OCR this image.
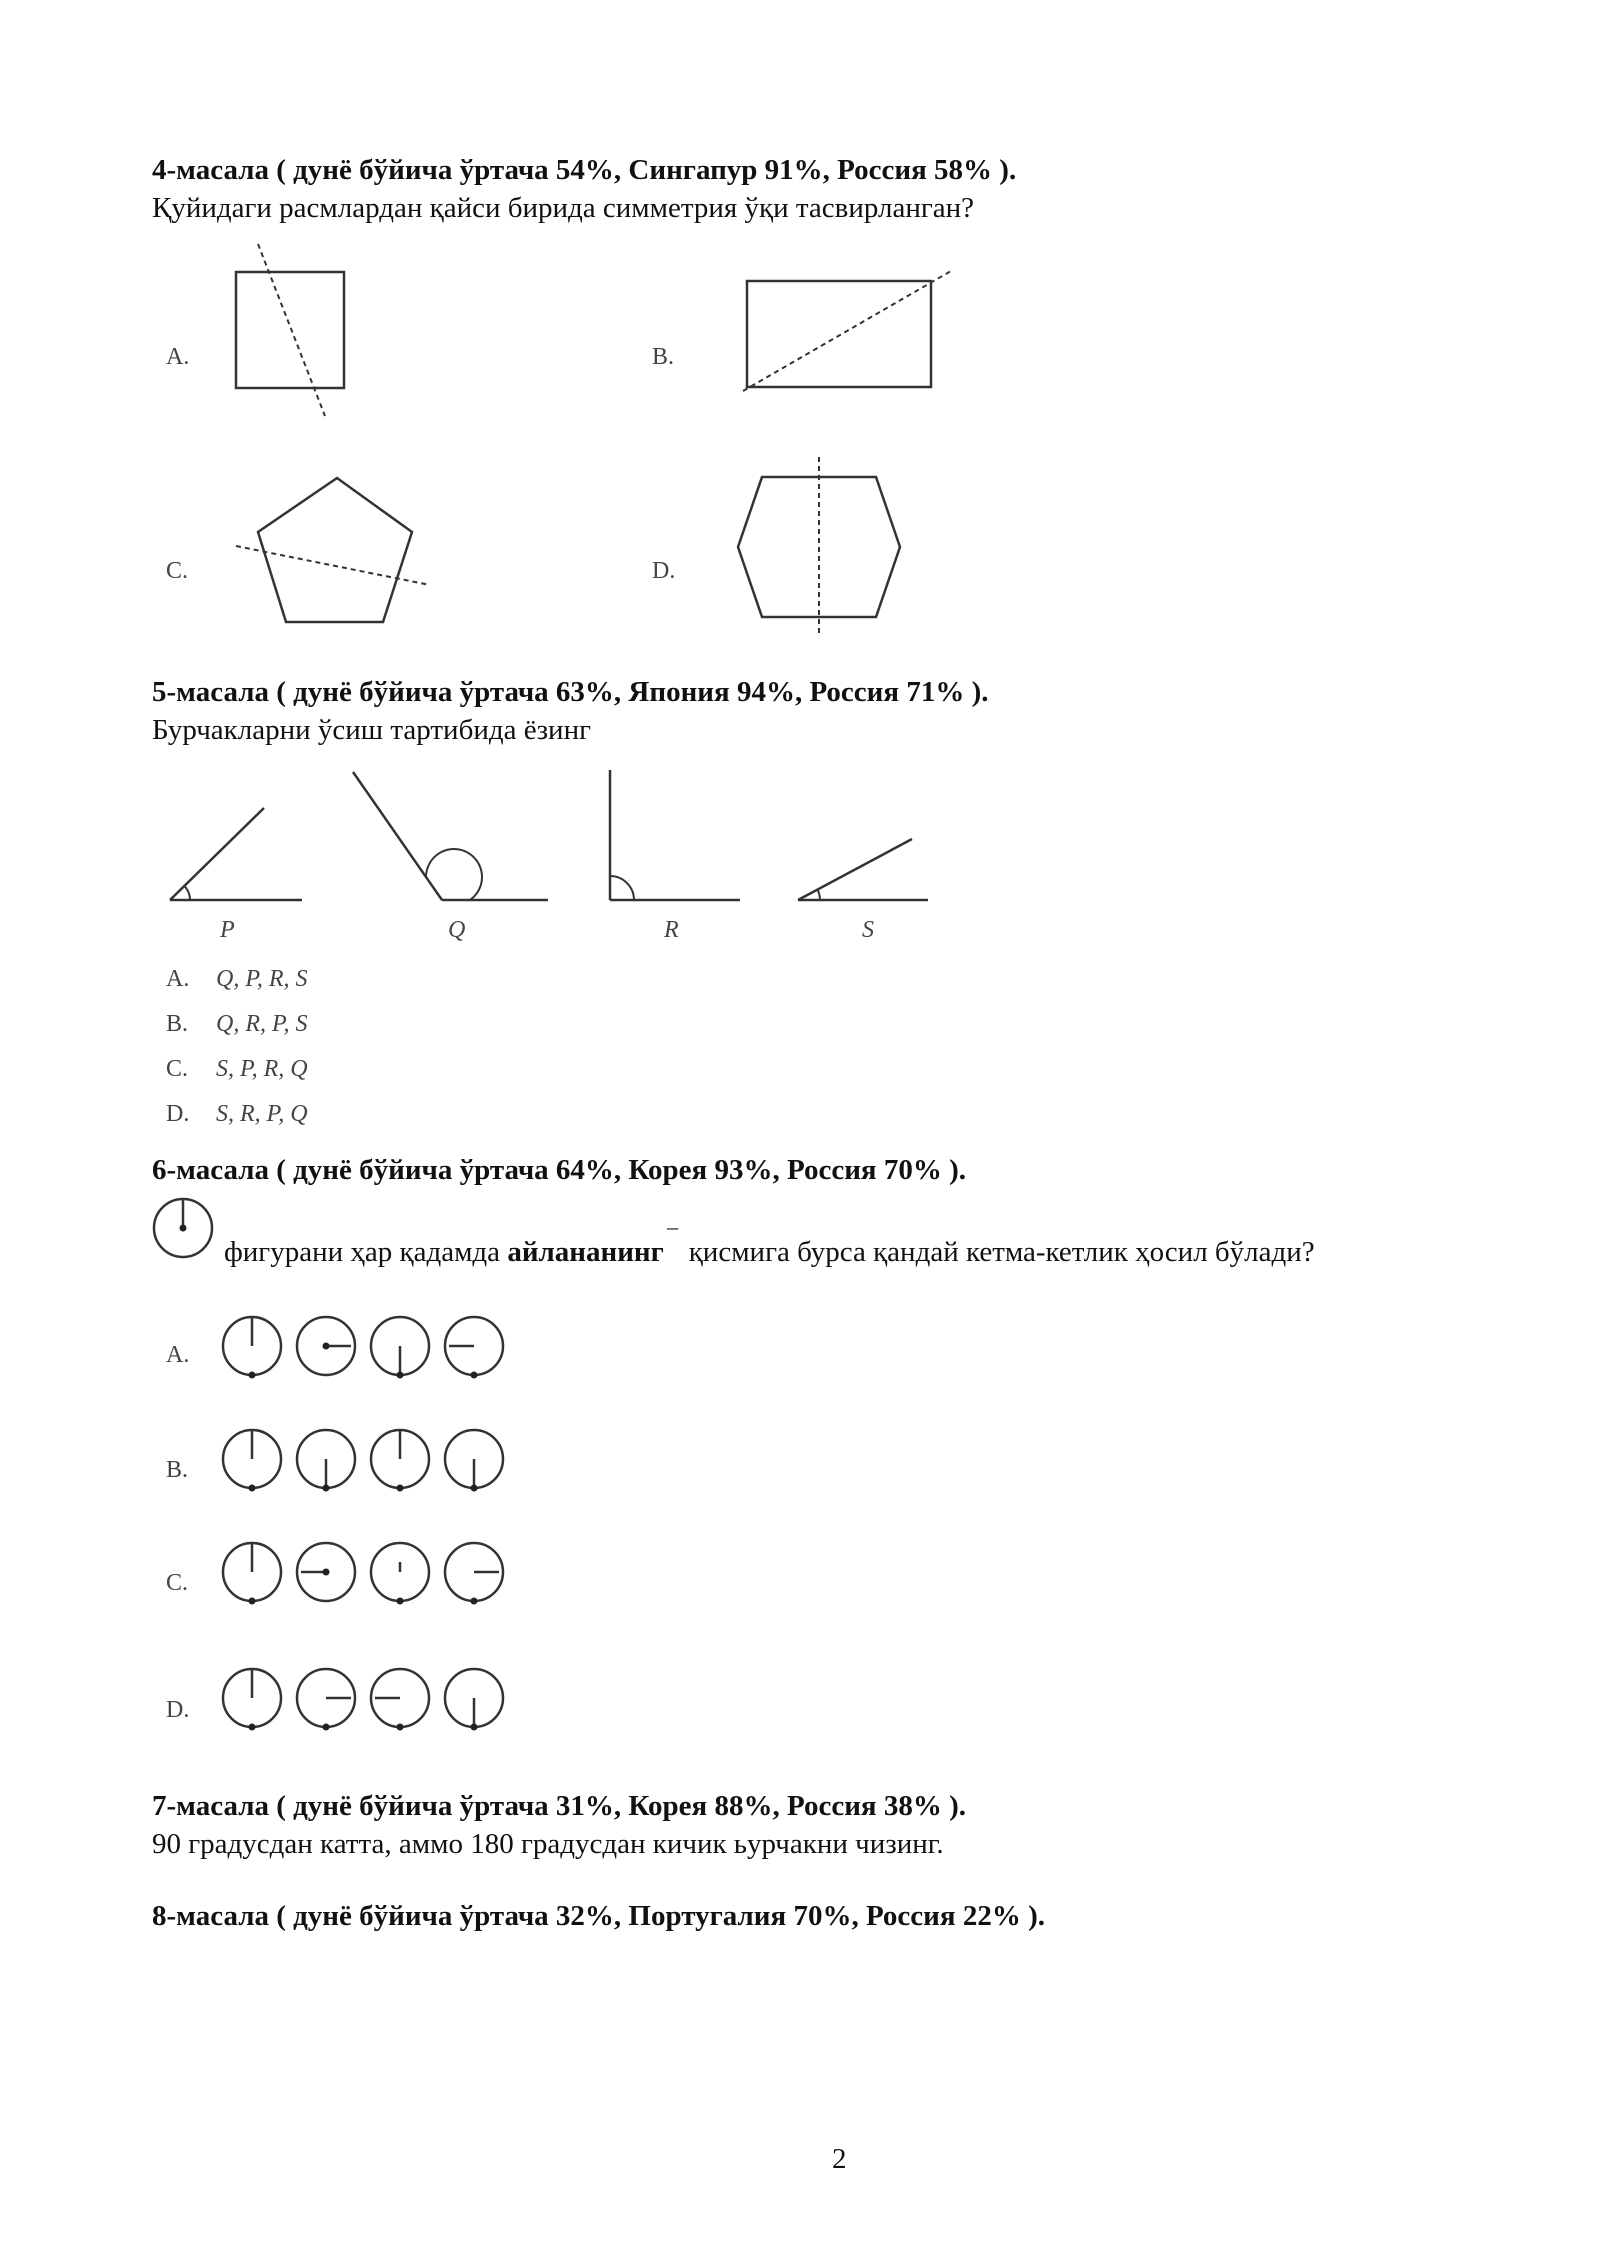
4-масала ( дунё бўйича ўртача 54%, Сингапур 91%, Россия 58% ).
Қуйидаги расмлардан қайси бирида симметрия ўқи тасвирланган?
A.	B.
C.	D.
5-масала ( дунё бўйича ўртача 63%, Япония 94%, Россия 71% ).
Бурчакларни ўсиш тартибида ёзинг
P	Q	R	S
A. Q, P, R, S
B. Q, R, P, S
C. S, P, R, Q
D. S, R, P, Q
6-масала ( дунё бўйича ўртача 64%, Корея 93%, Россия 70% ).
фигурани ҳар қадамда айлананинг ‾ қисмига бурса қандай кетма-кетлик ҳосил бўлади?
A.
B.
C.
D.
7-масала ( дунё бўйича ўртача 31%, Корея 88%, Россия 38% ).
90 градусдан катта, аммо 180 градусдан кичик ьурчакни чизинг.
8-масала ( дунё бўйича ўртача 32%, Португалия 70%, Россия 22% ).
2
